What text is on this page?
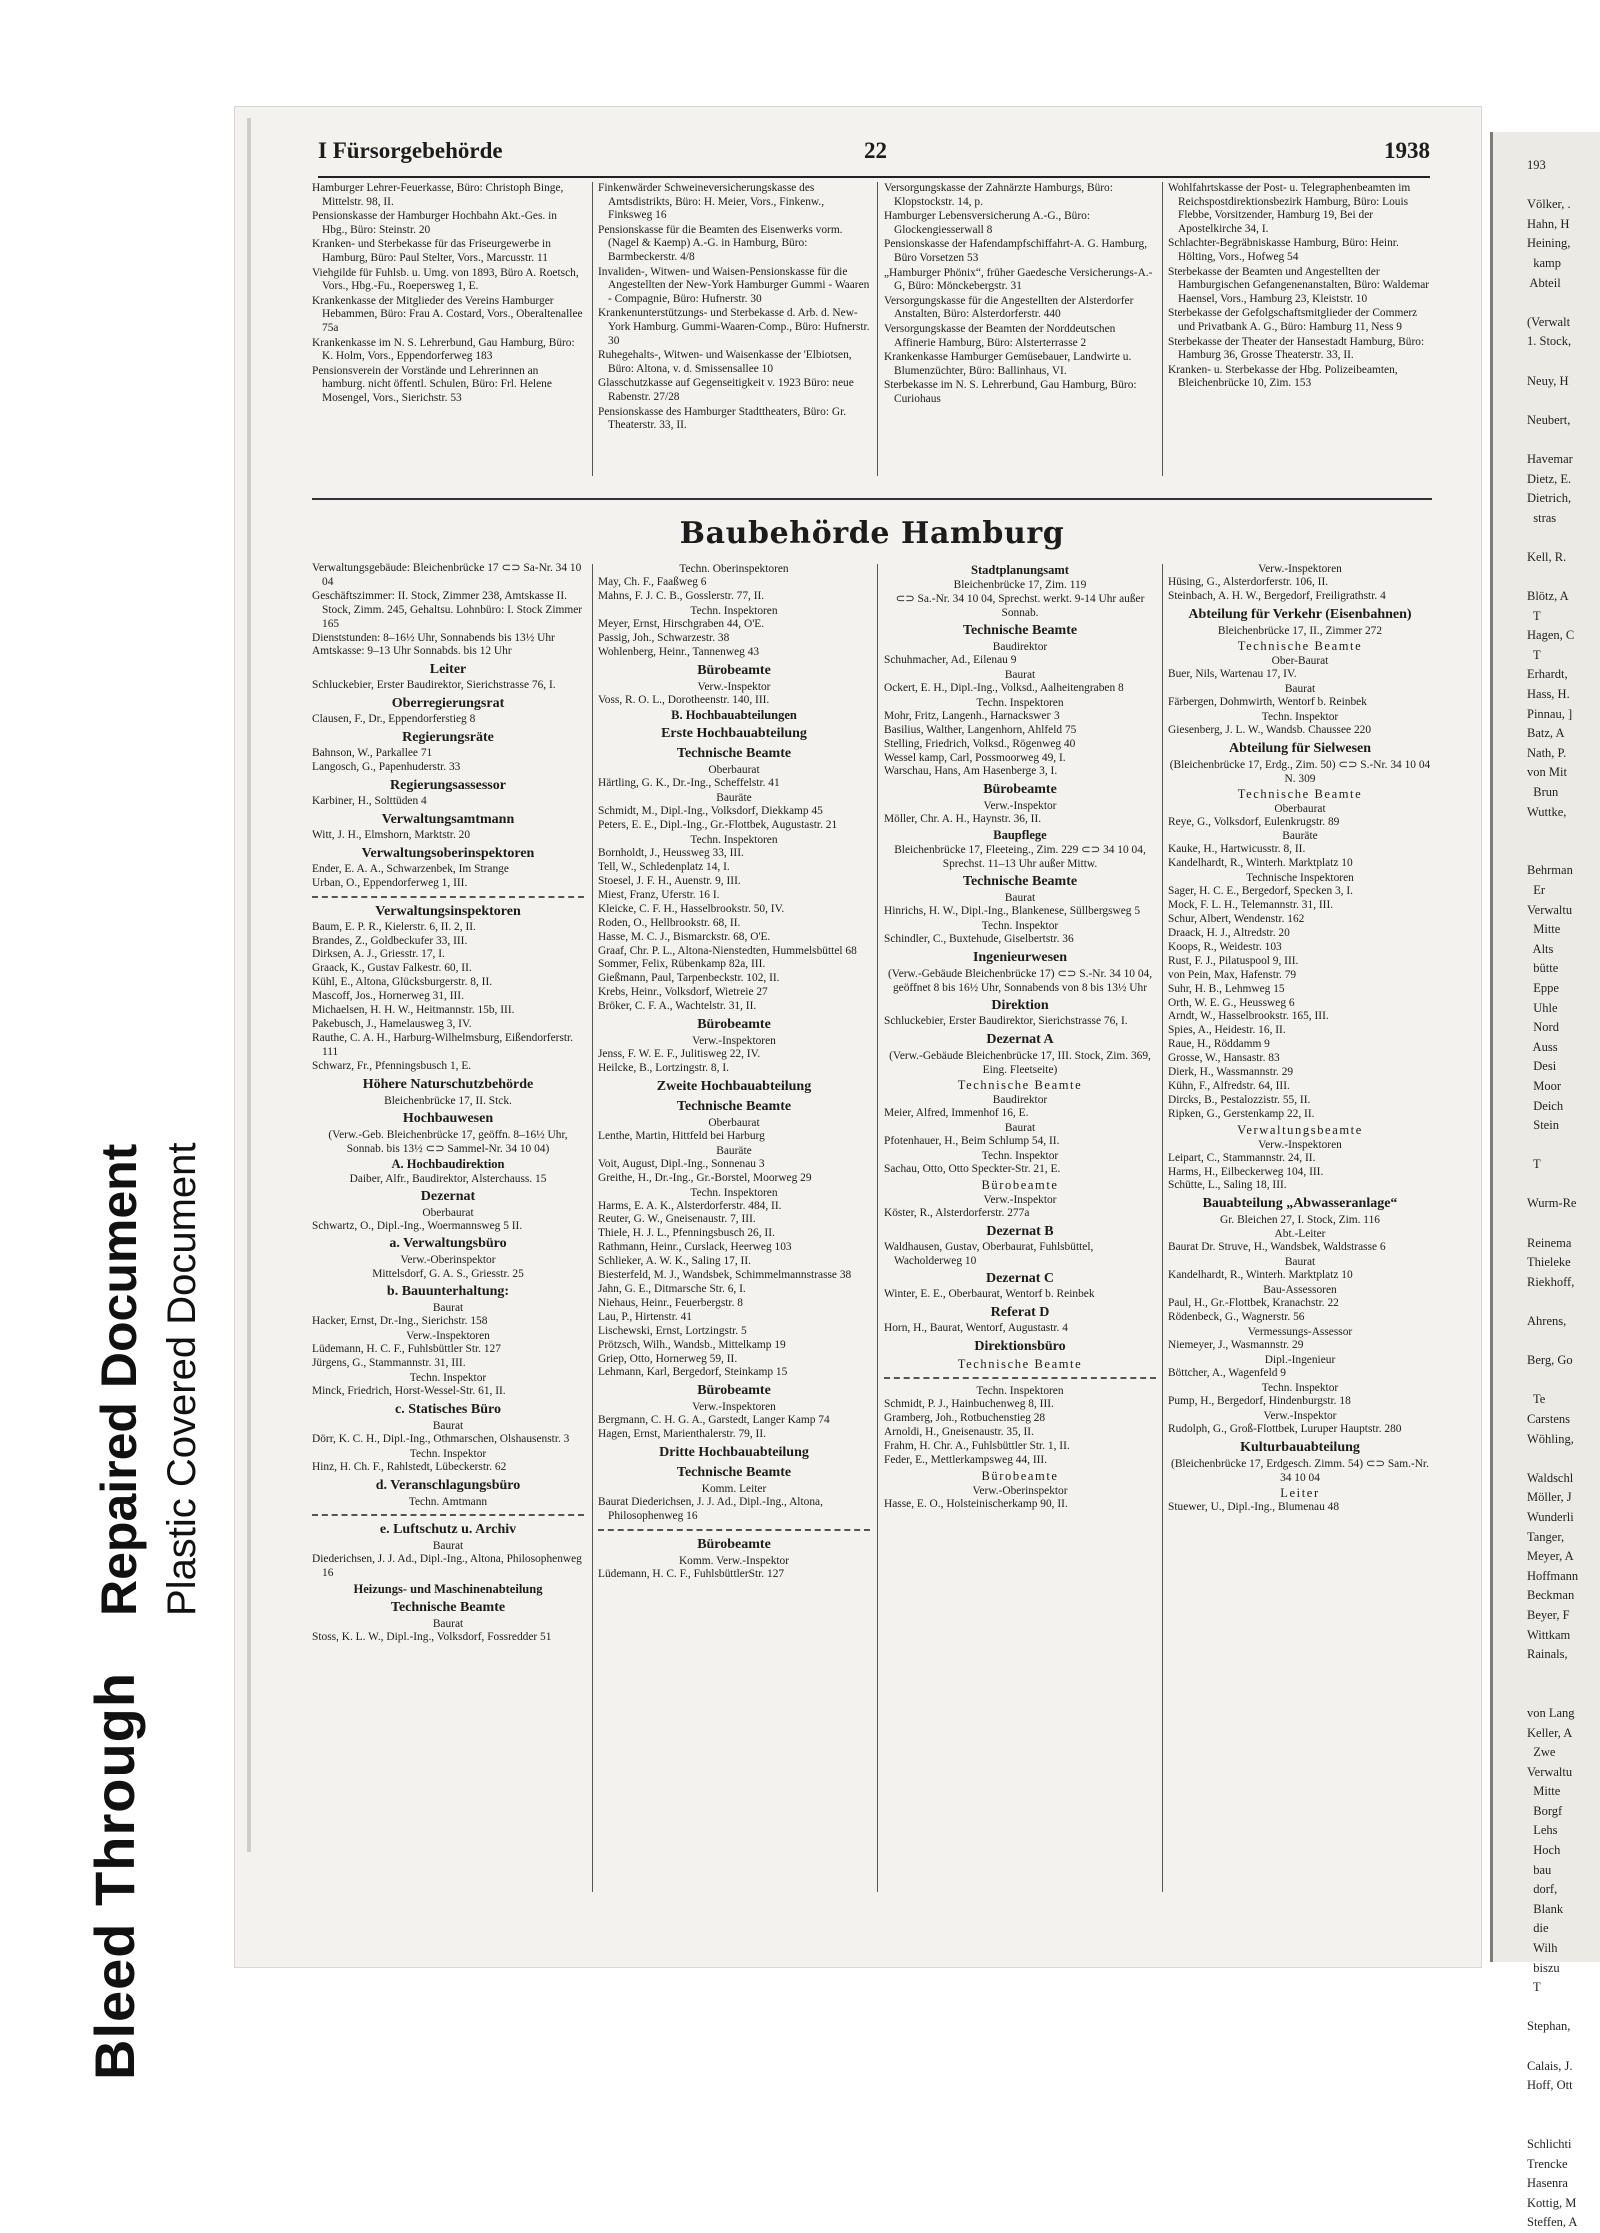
Bleed Through
Repaired Document Plastic Covered Document
193

Völker, .
Hahn, H
Heining,
kamp
Abteil

(Verwalt
1. Stock,

Neuy, H

Neubert,

Havemar
Dietz, E.
Dietrich,
stras

Kell, R.

Blötz, A
T
Hagen, C
T
Erhardt,
Hass, H.
Pinnau, ]
Batz, A
Nath, P.
von Mit
Brun
Wuttke,

Behrman
Er
Verwaltu
Mitte
Alts
bütte
Eppe
Uhle
Nord
Auss
Desi
Moor
Deich
Stein

T

Wurm-Re

Reinema
Thieleke
Riekhoff,

Ahrens,

Berg, Go

Te
Carstens
Wöhling,

Waldschl
Möller, J
Wunderli
Tanger,
Meyer, A
Hoffmann
Beckman
Beyer, F
Wittkam
Rainals,

von Lang
Keller, A
Zwe
Verwaltu
Mitte
Borgf
Lehs
Hoch
bau
dorf,
Blank
die
Wilh
biszu
T

Stephan,

Calais, J.
Hoff, Ott

Schlichti
Trencke
Hasenra
Kottig, M
Steffen, A
I Fürsorgebehörde	22	1938
Hamburger Lehrer-Feuerkasse, Büro: Christoph Binge, Mittelstr. 98, II.
Pensionskasse der Hamburger Hochbahn Akt.-Ges. in Hbg., Büro: Steinstr. 20
Kranken- und Sterbekasse für das Friseurgewerbe in Hamburg, Büro: Paul Stelter, Vors., Marcusstr. 11
Viehgilde für Fuhlsb. u. Umg. von 1893, Büro A. Roetsch, Vors., Hbg.-Fu., Roepersweg 1, E.
Krankenkasse der Mitglieder des Vereins Hamburger Hebammen, Büro: Frau A. Costard, Vors., Oberaltenallee 75a
Krankenkasse im N. S. Lehrerbund, Gau Hamburg, Büro: K. Holm, Vors., Eppendorferweg 183
Pensionsverein der Vorstände und Lehrerinnen an hamburg. nicht öffentl. Schulen, Büro: Frl. Helene Mosengel, Vors., Sierichstr. 53
Finkenwärder Schweineversicherungskasse des Amtsdistrikts, Büro: H. Meier, Vors., Finkenw., Finksweg 16
Pensionskasse für die Beamten des Eisenwerks vorm. (Nagel & Kaemp) A.-G. in Hamburg, Büro: Barmbeckerstr. 4/8
Invaliden-, Witwen- und Waisen-Pensionskasse für die Angestellten der New-York Hamburger Gummi - Waaren - Compagnie, Büro: Hufnerstr. 30
Krankenunterstützungs- und Sterbekasse d. Arb. d. New-York Hamburg. Gummi-Waaren-Comp., Büro: Hufnerstr. 30
Ruhegehalts-, Witwen- und Waisenkasse der 'Elbiotsen, Büro: Altona, v. d. Smissensallee 10
Glasschutzkasse auf Gegenseitigkeit v. 1923 Büro: neue Rabenstr. 27/28
Pensionskasse des Hamburger Stadttheaters, Büro: Gr. Theaterstr. 33, II.
Versorgungskasse der Zahnärzte Hamburgs, Büro: Klopstockstr. 14, p.
Hamburger Lebensversicherung A.-G., Büro: Glockengiesserwall 8
Pensionskasse der Hafendampfschiffahrt-A. G. Hamburg, Büro Vorsetzen 53
„Hamburger Phönix“, früher Gaedesche Versicherungs-A.-G, Büro: Mönckebergstr. 31
Versorgungskasse für die Angestellten der Alsterdorfer Anstalten, Büro: Alsterdorferstr. 440
Versorgungskasse der Beamten der Norddeutschen Affinerie Hamburg, Büro: Alsterterrasse 2
Krankenkasse Hamburger Gemüsebauer, Landwirte u. Blumenzüchter, Büro: Ballinhaus, VI.
Sterbekasse im N. S. Lehrerbund, Gau Hamburg, Büro: Curiohaus
Wohlfahrtskasse der Post- u. Telegraphenbeamten im Reichspostdirektionsbezirk Hamburg, Büro: Louis Flebbe, Vorsitzender, Hamburg 19, Bei der Apostelkirche 34, I.
Schlachter-Begräbniskasse Hamburg, Büro: Heinr. Hölting, Vors., Hofweg 54
Sterbekasse der Beamten und Angestellten der Hamburgischen Gefangenenanstalten, Büro: Waldemar Haensel, Vors., Hamburg 23, Kleiststr. 10
Sterbekasse der Gefolgschaftsmitglieder der Commerz und Privatbank A. G., Büro: Hamburg 11, Ness 9
Sterbekasse der Theater der Hansestadt Hamburg, Büro: Hamburg 36, Grosse Theaterstr. 33, II.
Kranken- u. Sterbekasse der Hbg. Polizeibeamten, Bleichenbrücke 10, Zim. 153
Baubehörde Hamburg
Verwaltungsgebäude: Bleichenbrücke 17 ⊂⊃ Sa-Nr. 34 10 04
Geschäftszimmer: II. Stock, Zimmer 238, Amtskasse II. Stock, Zimm. 245, Gehaltsu. Lohnbüro: I. Stock Zimmer 165
Dienststunden: 8–16½ Uhr, Sonnabends bis 13½ Uhr
Amtskasse: 9–13 Uhr Sonnabds. bis 12 Uhr
Leiter
Schluckebier, Erster Baudirektor, Sierichstrasse 76, I.
Oberregierungsrat
Clausen, F., Dr., Eppendorferstieg 8
Regierungsräte
Bahnson, W., Parkallee 71
Langosch, G., Papenhuderstr. 33
Regierungsassessor
Karbiner, H., Solttüden 4
Verwaltungsamtmann
Witt, J. H., Elmshorn, Marktstr. 20
Verwaltungsoberinspektoren
Ender, E. A. A., Schwarzenbek, Im Strange
Urban, O., Eppendorferweg 1, III.
Verwaltungsinspektoren
Baum, E. P. R., Kielerstr. 6, II. 2, II.
Brandes, Z., Goldbeckufer 33, III.
Dirksen, A. J., Griesstr. 17, I.
Graack, K., Gustav Falkestr. 60, II.
Kühl, E., Altona, Glücksburgerstr. 8, II.
Mascoff, Jos., Hornerweg 31, III.
Michaelsen, H. H. W., Heitmannstr. 15b, III.
Pakebusch, J., Hamelausweg 3, IV.
Rauthe, C. A. H., Harburg-Wilhelmsburg, Eißendorferstr. 111
Schwarz, Fr., Pfenningsbusch 1, E.
Höhere Naturschutzbehörde
Bleichenbrücke 17, II. Stck.
Hochbauwesen
(Verw.-Geb. Bleichenbrücke 17, geöffn. 8–16½ Uhr, Sonnab. bis 13½ ⊂⊃ Sammel-Nr. 34 10 04)
A. Hochbaudirektion
Daiber, Alfr., Baudirektor, Alsterchauss. 15
Dezernat
Oberbaurat
Schwartz, O., Dipl.-Ing., Woermannsweg 5 II.
a. Verwaltungsbüro
Verw.-Oberinspektor
Mittelsdorf, G. A. S., Griesstr. 25
b. Bauunterhaltung:
Baurat
Hacker, Ernst, Dr.-Ing., Sierichstr. 158
Verw.-Inspektoren
Lüdemann, H. C. F., Fuhlsbüttler Str. 127
Jürgens, G., Stammannstr. 31, III.
Techn. Inspektor
Minck, Friedrich, Horst-Wessel-Str. 61, II.
c. Statisches Büro
Baurat
Dörr, K. C. H., Dipl.-Ing., Othmarschen, Olshausenstr. 3
Techn. Inspektor
Hinz, H. Ch. F., Rahlstedt, Lübeckerstr. 62
d. Veranschlagungsbüro
Techn. Amtmann
e. Luftschutz u. Archiv
Baurat
Diederichsen, J. J. Ad., Dipl.-Ing., Altona, Philosophenweg 16
Heizungs- und Maschinenabteilung
Technische Beamte
Baurat
Stoss, K. L. W., Dipl.-Ing., Volksdorf, Fossredder 51
Techn. Oberinspektoren
May, Ch. F., Faaßweg 6
Mahns, F. J. C. B., Gosslerstr. 77, II.
Techn. Inspektoren
Meyer, Ernst, Hirschgraben 44, O'E.
Passig, Joh., Schwarzestr. 38
Wohlenberg, Heinr., Tannenweg 43
Bürobeamte
Verw.-Inspektor
Voss, R. O. L., Dorotheenstr. 140, III.
B. Hochbauabteilungen
Erste Hochbauabteilung
Technische Beamte
Oberbaurat
Härtling, G. K., Dr.-Ing., Scheffelstr. 41
Bauräte
Schmidt, M., Dipl.-Ing., Volksdorf, Diekkamp 45
Peters, E. E., Dipl.-Ing., Gr.-Flottbek, Augustastr. 21
Techn. Inspektoren
Bornholdt, J., Heussweg 33, III.
Tell, W., Schledenplatz 14, I.
Stoesel, J. F. H., Auenstr. 9, III.
Miest, Franz, Uferstr. 16 I.
Kleicke, C. F. H., Hasselbrookstr. 50, IV.
Roden, O., Hellbrookstr. 68, II.
Hasse, M. C. J., Bismarckstr. 68, O'E.
Graaf, Chr. P. L., Altona-Nienstedten, Hummelsbüttel 68
Sommer, Felix, Rübenkamp 82a, III.
Gießmann, Paul, Tarpenbeckstr. 102, II.
Krebs, Heinr., Volksdorf, Wietreie 27
Bröker, C. F. A., Wachtelstr. 31, II.
Bürobeamte
Verw.-Inspektoren
Jenss, F. W. E. F., Julitisweg 22, IV.
Heilcke, B., Lortzingstr. 8, I.
Zweite Hochbauabteilung
Technische Beamte
Oberbaurat
Lenthe, Martin, Hittfeld bei Harburg
Bauräte
Voit, August, Dipl.-Ing., Sonnenau 3
Greithe, H., Dr.-Ing., Gr.-Borstel, Moorweg 29
Techn. Inspektoren
Harms, E. A. K., Alsterdorferstr. 484, II.
Reuter, G. W., Gneisenaustr. 7, III.
Thiele, H. J. L., Pfenningsbusch 26, II.
Rathmann, Heinr., Curslack, Heerweg 103
Schlieker, A. W. K., Saling 17, II.
Biesterfeld, M. J., Wandsbek, Schimmelmannstrasse 38
Jahn, G. E., Ditmarsche Str. 6, I.
Niehaus, Heinr., Feuerbergstr. 8
Lau, P., Hirtenstr. 41
Lischewski, Ernst, Lortzingstr. 5
Prötzsch, Wilh., Wandsb., Mittelkamp 19
Griep, Otto, Hornerweg 59, II.
Lehmann, Karl, Bergedorf, Steinkamp 15
Bürobeamte
Verw.-Inspektoren
Bergmann, C. H. G. A., Garstedt, Langer Kamp 74
Hagen, Ernst, Marienthalerstr. 79, II.
Dritte Hochbauabteilung
Technische Beamte
Komm. Leiter
Baurat Diederichsen, J. J. Ad., Dipl.-Ing., Altona, Philosophenweg 16
Bürobeamte
Komm. Verw.-Inspektor
Lüdemann, H. C. F., FuhlsbüttlerStr. 127
Stadtplanungsamt
Bleichenbrücke 17, Zim. 119
⊂⊃ Sa.-Nr. 34 10 04, Sprechst. werkt. 9-14 Uhr außer Sonnab.
Technische Beamte
Baudirektor
Schuhmacher, Ad., Eilenau 9
Baurat
Ockert, E. H., Dipl.-Ing., Volksd., Aalheitengraben 8
Techn. Inspektoren
Mohr, Fritz, Langenh., Harnackswег 3
Basilius, Walther, Langenhorn, Ahlfeld 75
Stelling, Friedrich, Volksd., Rögenweg 40
Wessel kamp, Carl, Possmoorweg 49, I.
Warschau, Hans, Am Hasenberge 3, I.
Bürobeamte
Verw.-Inspektor
Möller, Chr. A. H., Haynstr. 36, II.
Baupflege
Bleichenbrücke 17, Fleeteing., Zim. 229 ⊂⊃ 34 10 04, Sprechst. 11–13 Uhr außer Mittw.
Technische Beamte
Baurat
Hinrichs, H. W., Dipl.-Ing., Blankenese, Süllbergsweg 5
Techn. Inspektor
Schindler, C., Buxtehude, Giselbertstr. 36
Ingenieurwesen
(Verw.-Gebäude Bleichenbrücke 17) ⊂⊃ S.-Nr. 34 10 04, geöffnet 8 bis 16½ Uhr, Sonnabends von 8 bis 13½ Uhr
Direktion
Schluckebier, Erster Baudirektor, Sierichstrasse 76, I.
Dezernat A
(Verw.-Gebäude Bleichenbrücke 17, III. Stock, Zim. 369, Eing. Fleetseite)
Technische Beamte
Baudirektor
Meier, Alfred, Immenhof 16, E.
Baurat
Pfotenhauer, H., Beim Schlump 54, II.
Techn. Inspektor
Sachau, Otto, Otto Speckter-Str. 21, E.
Bürobeamte
Verw.-Inspektor
Köster, R., Alsterdorferstr. 277a
Dezernat B
Waldhausen, Gustav, Oberbaurat, Fuhlsbüttel, Wacholderweg 10
Dezernat C
Winter, E. E., Oberbaurat, Wentorf b. Reinbek
Referat D
Horn, H., Baurat, Wentorf, Augustastr. 4
Direktionsbüro
Technische Beamte
Techn. Inspektoren
Schmidt, P. J., Hainbuchenweg 8, III.
Gramberg, Joh., Rotbuchenstieg 28
Arnoldi, H., Gneisenaustr. 35, II.
Frahm, H. Chr. A., Fuhlsbüttler Str. 1, II.
Feder, E., Mettlerkampsweg 44, III.
Bürobeamte
Verw.-Oberinspektor
Hasse, E. O., Holsteinischerkamp 90, II.
Verw.-Inspektoren
Hüsing, G., Alsterdorferstr. 106, II.
Steinbach, A. H. W., Bergedorf, Freiligrathstr. 4
Abteilung für Verkehr (Eisenbahnen)
Bleichenbrücke 17, II., Zimmer 272
Technische Beamte
Ober-Baurat
Buer, Nils, Wartenau 17, IV.
Baurat
Färbergen, Dohmwirth, Wentorf b. Reinbek
Techn. Inspektor
Giesenberg, J. L. W., Wandsb. Chaussee 220
Abteilung für Sielwesen
(Bleichenbrücke 17, Erdg., Zim. 50) ⊂⊃ S.-Nr. 34 10 04 N. 309
Technische Beamte
Oberbaurat
Reye, G., Volksdorf, Eulenkrugstr. 89
Bauräte
Kauke, H., Hartwicusstr. 8, II.
Kandelhardt, R., Winterh. Marktplatz 10
Technische Inspektoren
Sager, H. C. E., Bergedorf, Specken 3, I.
Mock, F. L. H., Telemannstr. 31, III.
Schur, Albert, Wendenstr. 162
Draack, H. J., Altredstr. 20
Koops, R., Weidestr. 103
Rust, F. J., Pilatuspool 9, III.
von Pein, Max, Hafenstr. 79
Suhr, H. B., Lehmweg 15
Orth, W. E. G., Heussweg 6
Arndt, W., Hasselbrookstr. 165, III.
Spies, A., Heidestr. 16, II.
Raue, H., Röddamm 9
Grosse, W., Hansastr. 83
Dierk, H., Wassmannstr. 29
Kühn, F., Alfredstr. 64, III.
Dircks, B., Pestalozzistr. 55, II.
Ripken, G., Gerstenkamp 22, II.
Verwaltungsbeamte
Verw.-Inspektoren
Leipart, C., Stammannstr. 24, II.
Harms, H., Eilbeckerweg 104, III.
Schütte, L., Saling 18, III.
Bauabteilung „Abwasseranlage“
Gr. Bleichen 27, I. Stock, Zim. 116
Abt.-Leiter
Baurat Dr. Struve, H., Wandsbek, Waldstrasse 6
Baurat
Kandelhardt, R., Winterh. Marktplatz 10
Bau-Assessoren
Paul, H., Gr.-Flottbek, Kranachstr. 22
Rödenbeck, G., Wagnerstr. 56
Vermessungs-Assessor
Niemeyer, J., Wasmannstr. 29
Dipl.-Ingenieur
Böttcher, A., Wagenfeld 9
Techn. Inspektor
Pump, H., Bergedorf, Hindenburgstr. 18
Verw.-Inspektor
Rudolph, G., Groß-Flottbek, Luruper Hauptstr. 280
Kulturbauabteilung
(Bleichenbrücke 17, Erdgesch. Zimm. 54) ⊂⊃ Sam.-Nr. 34 10 04
Leiter
Stuewer, U., Dipl.-Ing., Blumenau 48
